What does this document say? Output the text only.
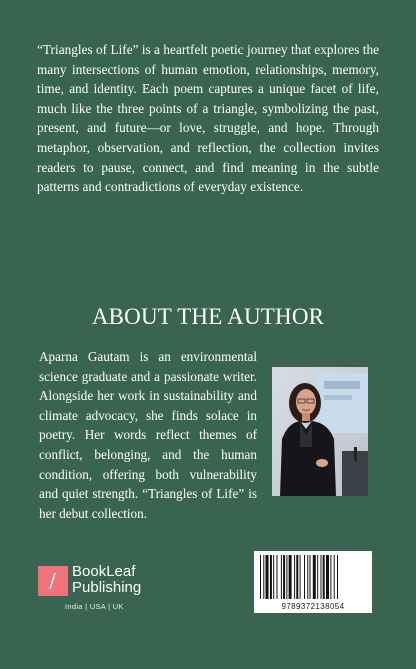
“Triangles of Life” is a heartfelt poetic journey that explores the many intersections of human emotion, relationships, memory, time, and identity. Each poem captures a unique facet of life, much like the three points of a triangle, symbolizing the past, present, and future—or love, struggle, and hope. Through metaphor, observation, and reflection, the collection invites readers to pause, connect, and find meaning in the subtle patterns and contradictions of everyday existence.
ABOUT THE AUTHOR
Aparna Gautam is an environmental science graduate and a passionate writer. Alongside her work in sustainability and climate advocacy, she finds solace in poetry. Her words reflect themes of conflict, belonging, and the human condition, offering both vulnerability and quiet strength. “Triangles of Life” is her debut collection.
BookLeaf
Publishing
India | USA | UK	9789372138054
